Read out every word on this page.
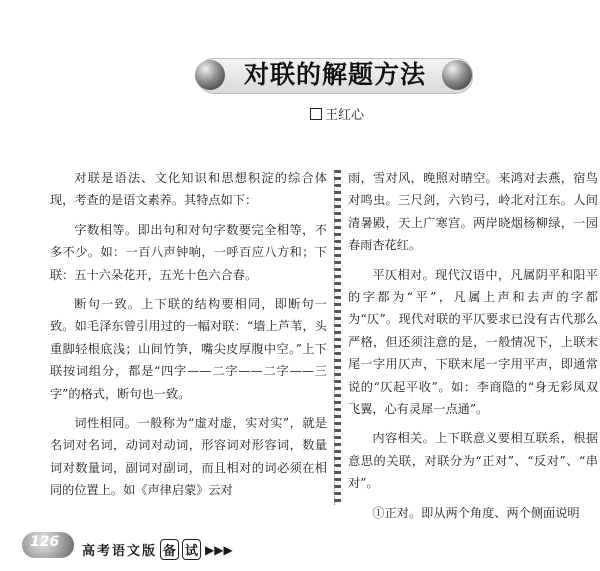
对联的解题方法
王红心

对联是语法、文化知识和思想积淀的综合体现，考查的是语文素养。其特点如下：

字数相等。即出句和对句字数要完全相等，不多不少。如：一百八声钟响，一呼百应八方和；下联：五十六朵花开，五光十色六合春。

断句一致。上下联的结构要相同，即断句一致。如毛泽东曾引用过的一幅对联：“墙上芦苇，头重脚轻根底浅；山间竹笋，嘴尖皮厚腹中空。”上下联按词组分，都是“四字——二字——二字——三字”的格式，断句也一致。

词性相同。一般称为“虚对虚，实对实”，就是名词对名词，动词对动词，形容词对形容词，数量词对数量词，副词对副词，而且相对的词必须在相同的位置上。如《声律启蒙》云对

雨，雪对风，晚照对晴空。来鸿对去燕，宿鸟对鸣虫。三尺剑，六钧弓，岭北对江东。人间清暑殿，天上广寒宫。两岸晓烟杨柳绿，一园春雨杏花红。

平仄相对。现代汉语中，凡属阴平和阳平的字都为“平”，凡属上声和去声的字都为“仄”。现代对联的平仄要求已没有古代那么严格，但还须注意的是，一般情况下，上联末尾一字用仄声，下联末尾一字用平声，即通常说的“仄起平收”。如：李商隐的“身无彩凤双飞翼，心有灵犀一点通”。

内容相关。上下联意义要相互联系，根据意思的关联，对联分为“正对”、“反对”、“串对”。

①正对。即从两个角度、两个侧面说明

126
高考语文版 备 试 ▶▶▶
